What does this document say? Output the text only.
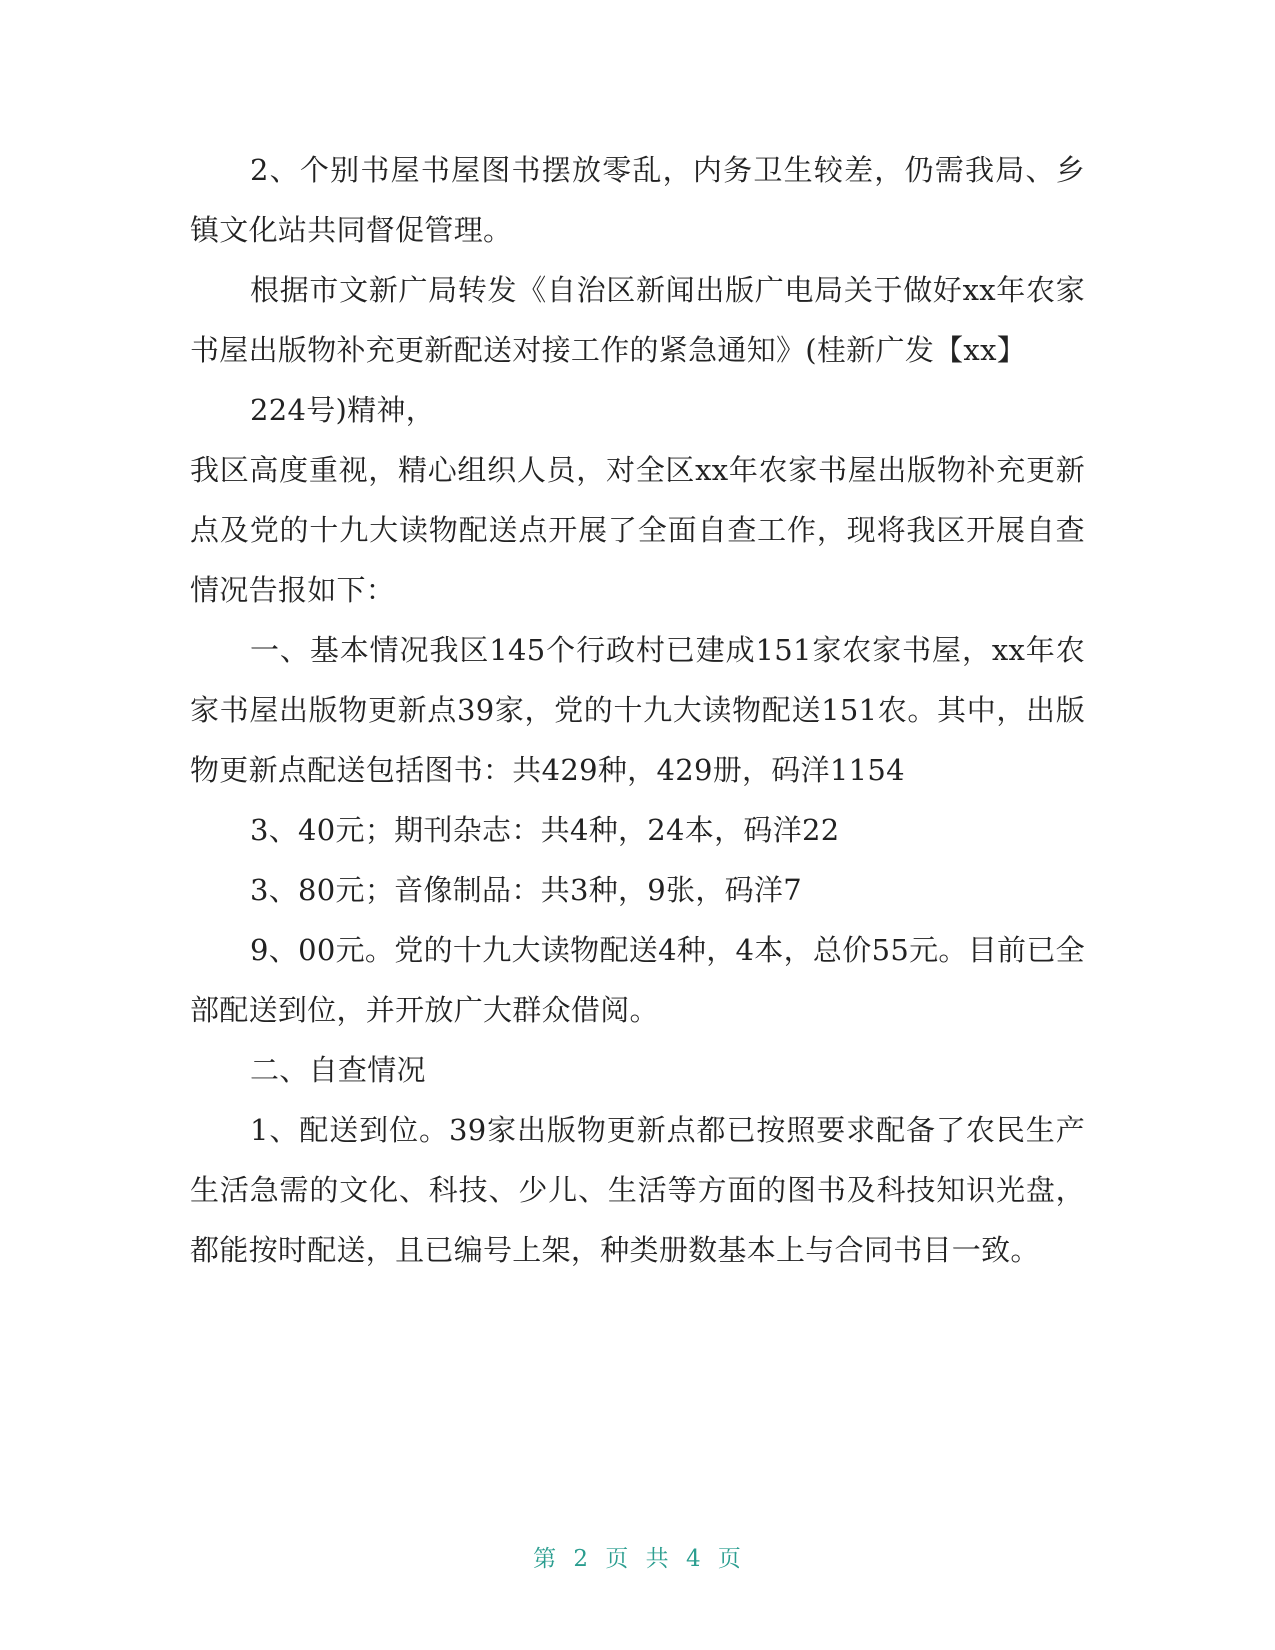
2、个别书屋书屋图书摆放零乱，内务卫生较差，仍需我局、乡镇文化站共同督促管理。

根据市文新广局转发《自治区新闻出版广电局关于做好xx年农家书屋出版物补充更新配送对接工作的紧急通知》(桂新广发【xx】

224号)精神，

我区高度重视，精心组织人员，对全区xx年农家书屋出版物补充更新点及党的十九大读物配送点开展了全面自查工作，现将我区开展自查情况告报如下：

一、基本情况我区145个行政村已建成151家农家书屋，xx年农家书屋出版物更新点39家，党的十九大读物配送151农。其中，出版物更新点配送包括图书：共429种，429册，码洋1154

3、40元；期刊杂志：共4种，24本，码洋22

3、80元；音像制品：共3种，9张，码洋7

9、00元。党的十九大读物配送4种，4本，总价55元。目前已全部配送到位，并开放广大群众借阅。

二、自查情况

1、配送到位。39家出版物更新点都已按照要求配备了农民生产生活急需的文化、科技、少儿、生活等方面的图书及科技知识光盘，都能按时配送，且已编号上架，种类册数基本上与合同书目一致。

第 2 页 共 4 页
